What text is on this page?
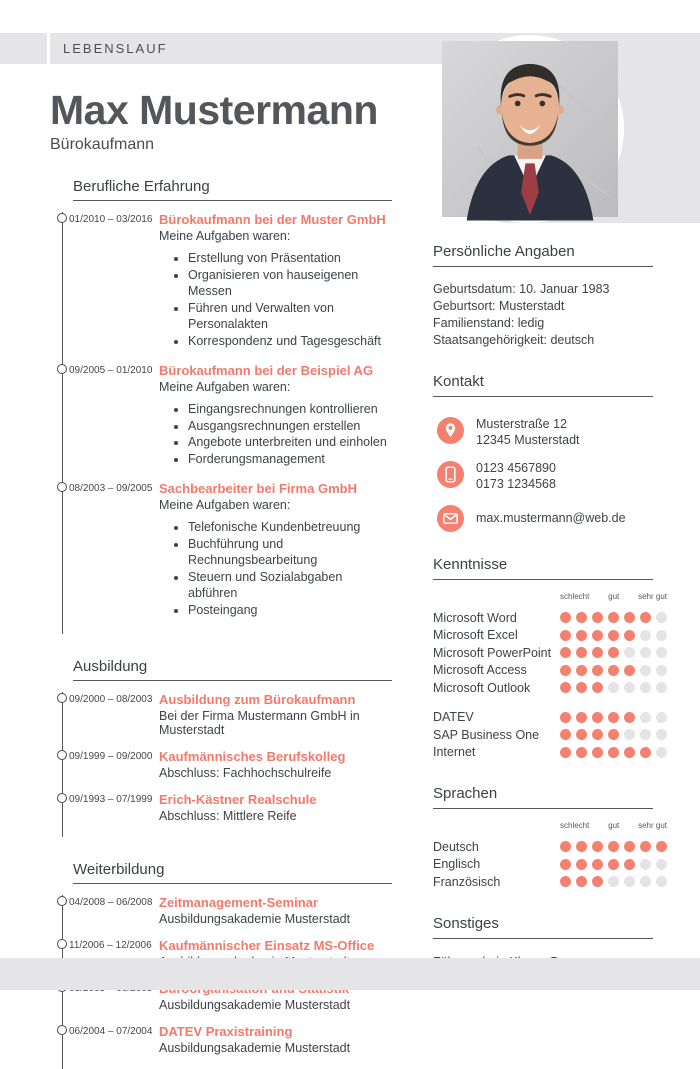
LEBENSLAUF
Max Mustermann
Bürokaufmann
Berufliche Erfahrung
01/2010 – 03/2016 Bürokaufmann bei der Muster GmbH
Meine Aufgaben waren:
• Erstellung von Präsentation
• Organisieren von hauseigenen Messen
• Führen und Verwalten von Personalakten
• Korrespondenz und Tagesgeschäft
09/2005 – 01/2010 Bürokaufmann bei der Beispiel AG
Meine Aufgaben waren:
• Eingangsrechnungen kontrollieren
• Ausgangsrechnungen erstellen
• Angebote unterbreiten und einholen
• Forderungsmanagement
08/2003 – 09/2005 Sachbearbeiter bei Firma GmbH
Meine Aufgaben waren:
• Telefonische Kundenbetreuung
• Buchführung und Rechnungsbearbeitung
• Steuern und Sozialabgaben abführen
• Posteingang
Ausbildung
09/2000 – 08/2003 Ausbildung zum Bürokaufmann
Bei der Firma Mustermann GmbH in Musterstadt
09/1999 – 09/2000 Kaufmännisches Berufskolleg
Abschluss: Fachhochschulreife
09/1993 – 07/1999 Erich-Kästner Realschule
Abschluss: Mittlere Reife
Weiterbildung
04/2008 – 06/2008 Zeitmanagement-Seminar
Ausbildungsakademie Musterstadt
11/2006 – 12/2006 Kaufmännischer Einsatz MS-Office
Ausbildungsakademie Musterstadt
06/2004 – 07/2004 DATEV Praxistraining
Ausbildungsakademie Musterstadt
Persönliche Angaben
Geburtsdatum: 10. Januar 1983
Geburtsort: Musterstadt
Familienstand: ledig
Staatsangehörigkeit: deutsch
Kontakt
Musterstraße 12
12345 Musterstadt
0123 4567890
0173 1234568
max.mustermann@web.de
Kenntnisse
schlecht gut sehr gut
Microsoft Word
Microsoft Excel
Microsoft PowerPoint
Microsoft Access
Microsoft Outlook
DATEV
SAP Business One
Internet
Sprachen
schlecht gut sehr gut
Deutsch
Englisch
Französisch
Sonstiges
